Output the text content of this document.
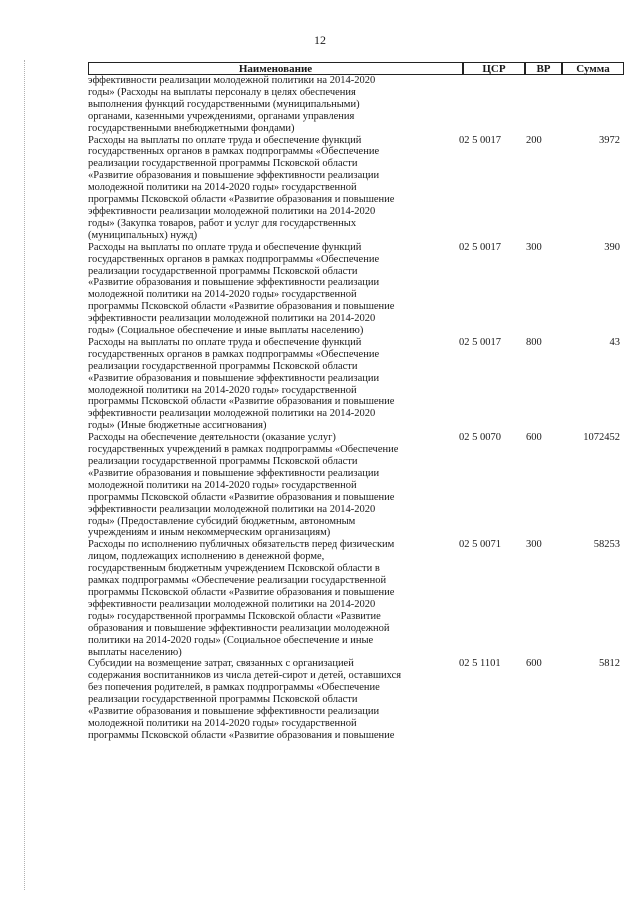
12
Наименование	ЦСР	ВР	Сумма
эффективности реализации молодежной политики на 2014-2020
годы» (Расходы на выплаты персоналу в целях обеспечения
выполнения функций государственными (муниципальными)
органами, казенными учреждениями, органами управления
государственными внебюджетными фондами)
Расходы на выплаты по оплате труда и обеспечение функций
государственных органов в рамках подпрограммы «Обеспечение
реализации государственной программы Псковской области
«Развитие образования и повышение эффективности реализации
молодежной политики на 2014-2020 годы» государственной
программы Псковской области «Развитие образования и повышение
эффективности реализации молодежной политики на 2014-2020
годы» (Закупка товаров, работ и услуг для государственных
(муниципальных) нужд)
02 5 0017	200	3972
Расходы на выплаты по оплате труда и обеспечение функций
государственных органов в рамках подпрограммы «Обеспечение
реализации государственной программы Псковской области
«Развитие образования и повышение эффективности реализации
молодежной политики на 2014-2020 годы» государственной
программы Псковской области «Развитие образования и повышение
эффективности реализации молодежной политики на 2014-2020
годы» (Социальное обеспечение и иные выплаты населению)
02 5 0017	300	390
Расходы на выплаты по оплате труда и обеспечение функций
государственных органов в рамках подпрограммы «Обеспечение
реализации государственной программы Псковской области
«Развитие образования и повышение эффективности реализации
молодежной политики на 2014-2020 годы» государственной
программы Псковской области «Развитие образования и повышение
эффективности реализации молодежной политики на 2014-2020
годы» (Иные бюджетные ассигнования)
02 5 0017	800	43
Расходы на обеспечение деятельности (оказание услуг)
государственных учреждений в рамках подпрограммы «Обеспечение
реализации государственной программы Псковской области
«Развитие образования и повышение эффективности реализации
молодежной политики на 2014-2020 годы» государственной
программы Псковской области «Развитие образования и повышение
эффективности реализации молодежной политики на 2014-2020
годы» (Предоставление субсидий бюджетным, автономным
учреждениям и иным некоммерческим организациям)
02 5 0070	600	1072452
Расходы по исполнению публичных обязательств перед физическим
лицом, подлежащих исполнению в денежной форме,
государственным бюджетным учреждением Псковской области в
рамках подпрограммы «Обеспечение реализации государственной
программы Псковской области «Развитие образования и повышение
эффективности реализации молодежной политики на 2014-2020
годы» государственной программы Псковской области «Развитие
образования и повышение эффективности реализации молодежной
политики на 2014-2020 годы» (Социальное обеспечение и иные
выплаты населению)
02 5 0071	300	58253
Субсидии на возмещение затрат, связанных с организацией
содержания воспитанников из числа детей-сирот и детей, оставшихся
без попечения родителей, в рамках подпрограммы «Обеспечение
реализации государственной программы Псковской области
«Развитие образования и повышение эффективности реализации
молодежной политики на 2014-2020 годы» государственной
программы Псковской области «Развитие образования и повышение
02 5 1101	600	5812
